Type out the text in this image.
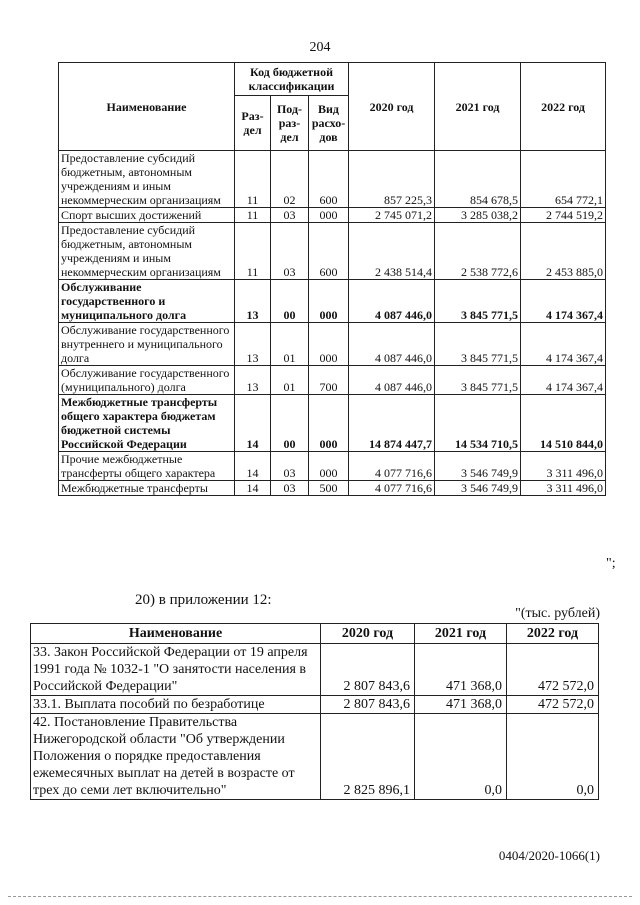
204
Наименование	Код бюджетной классификации			2020 год	2021 год	2022 год
	Раз-дел	Под-раз-дел	Вид расхо-дов			
Предоставление субсидий бюджетным, автономным учреждениям и иным некоммерческим организациям	11	02	600	857 225,3	854 678,5	654 772,1
Спорт высших достижений	11	03	000	2 745 071,2	3 285 038,2	2 744 519,2
Предоставление субсидий бюджетным, автономным учреждениям и иным некоммерческим организациям	11	03	600	2 438 514,4	2 538 772,6	2 453 885,0
Обслуживание государственного и муниципального долга	13	00	000	4 087 446,0	3 845 771,5	4 174 367,4
Обслуживание государственного внутреннего и муниципального долга	13	01	000	4 087 446,0	3 845 771,5	4 174 367,4
Обслуживание государственного (муниципального) долга	13	01	700	4 087 446,0	3 845 771,5	4 174 367,4
Межбюджетные трансферты общего характера бюджетам бюджетной системы Российской Федерации	14	00	000	14 874 447,7	14 534 710,5	14 510 844,0
Прочие межбюджетные трансферты общего характера	14	03	000	4 077 716,6	3 546 749,9	3 311 496,0
Межбюджетные трансферты	14	03	500	4 077 716,6	3 546 749,9	3 311 496,0
";
20) в приложении 12:
"(тыс. рублей)
Наименование	2020 год	2021 год	2022 год
33. Закон Российской Федерации от 19 апреля 1991 года № 1032-1 "О занятости населения в Российской Федерации"	2 807 843,6	471 368,0	472 572,0
33.1. Выплата пособий по безработице	2 807 843,6	471 368,0	472 572,0
42. Постановление Правительства Нижегородской области "Об утверждении Положения о порядке предоставления ежемесячных выплат на детей в возрасте от трех до семи лет включительно"	2 825 896,1	0,0	0,0
0404/2020-1066(1)
